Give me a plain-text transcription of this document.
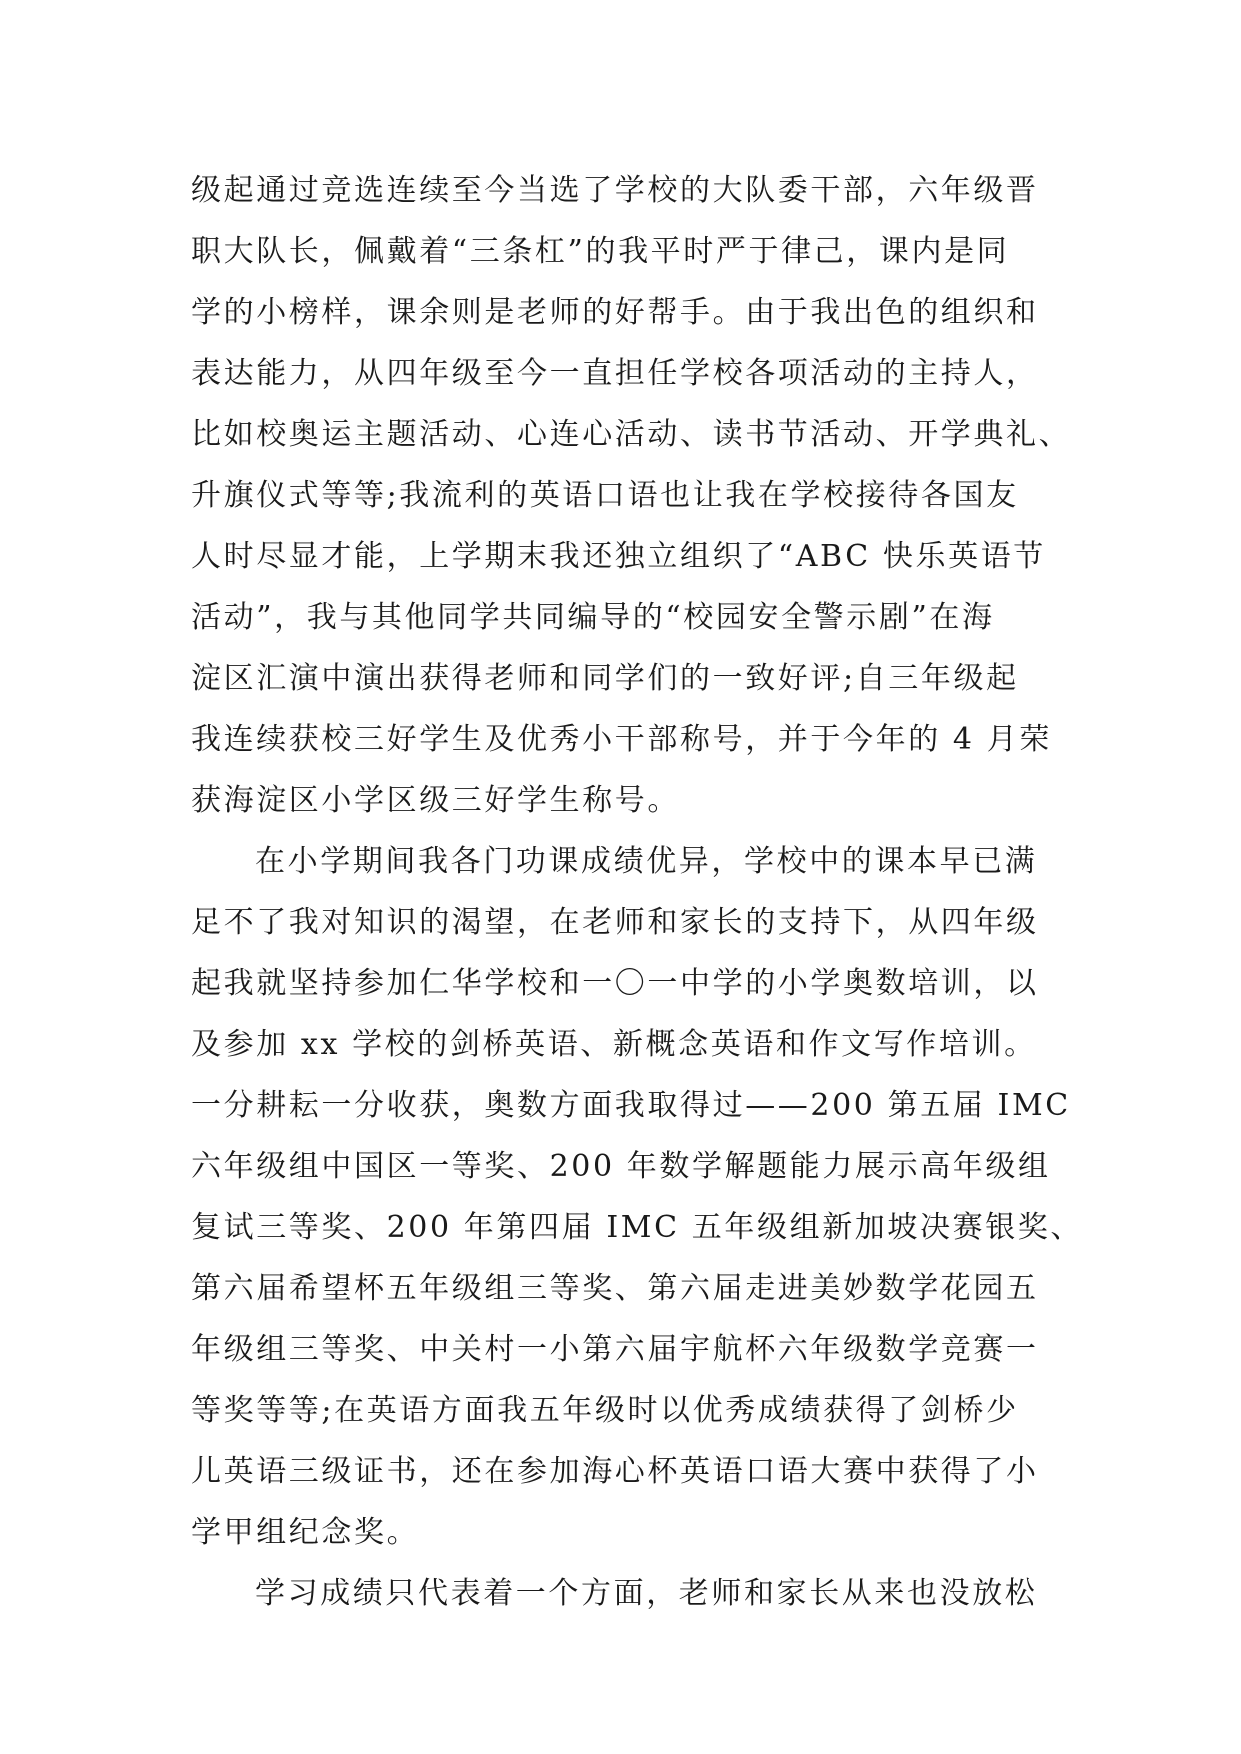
级起通过竞选连续至今当选了学校的大队委干部，六年级晋
职大队长，佩戴着“三条杠”的我平时严于律己，课内是同
学的小榜样，课余则是老师的好帮手。由于我出色的组织和
表达能力，从四年级至今一直担任学校各项活动的主持人，
比如校奥运主题活动、心连心活动、读书节活动、开学典礼、
升旗仪式等等;我流利的英语口语也让我在学校接待各国友
人时尽显才能，上学期末我还独立组织了“ABC 快乐英语节
活动”，我与其他同学共同编导的“校园安全警示剧”在海
淀区汇演中演出获得老师和同学们的一致好评;自三年级起
我连续获校三好学生及优秀小干部称号，并于今年的 4 月荣
获海淀区小学区级三好学生称号。
在小学期间我各门功课成绩优异，学校中的课本早已满
足不了我对知识的渴望，在老师和家长的支持下，从四年级
起我就坚持参加仁华学校和一〇一中学的小学奥数培训，以
及参加 xx 学校的剑桥英语、新概念英语和作文写作培训。
一分耕耘一分收获，奥数方面我取得过——200 第五届 IMC
六年级组中国区一等奖、200 年数学解题能力展示高年级组
复试三等奖、200 年第四届 IMC 五年级组新加坡决赛银奖、
第六届希望杯五年级组三等奖、第六届走进美妙数学花园五
年级组三等奖、中关村一小第六届宇航杯六年级数学竞赛一
等奖等等;在英语方面我五年级时以优秀成绩获得了剑桥少
儿英语三级证书，还在参加海心杯英语口语大赛中获得了小
学甲组纪念奖。
学习成绩只代表着一个方面，老师和家长从来也没放松
